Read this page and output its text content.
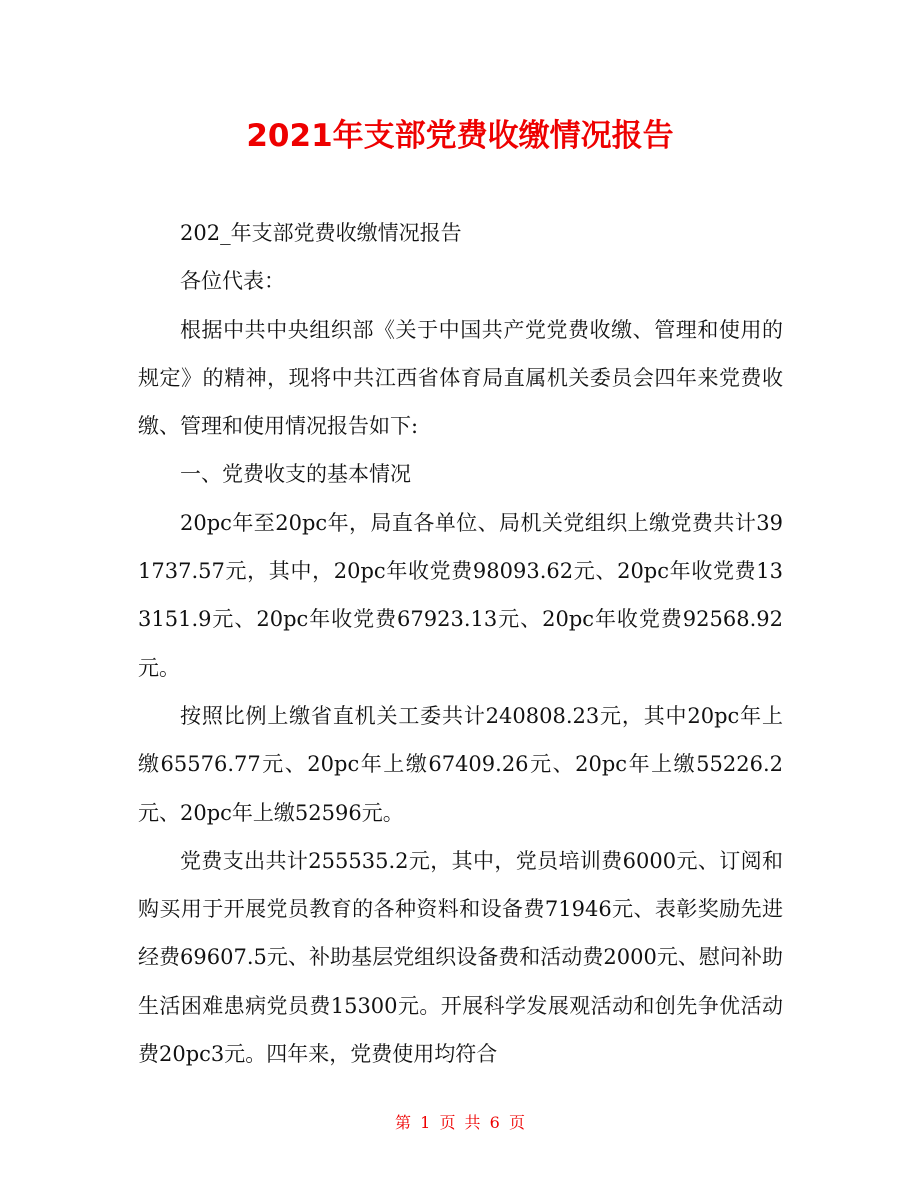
2021年支部党费收缴情况报告

202_年支部党费收缴情况报告

各位代表：

根据中共中央组织部《关于中国共产党党费收缴、管理和使用的规定》的精神，现将中共江西省体育局直属机关委员会四年来党费收缴、管理和使用情况报告如下:

一、党费收支的基本情况

20pc年至20pc年，局直各单位、局机关党组织上缴党费共计391737.57元，其中，20pc年收党费98093.62元、20pc年收党费133151.9元、20pc年收党费67923.13元、20pc年收党费92568.92元。

按照比例上缴省直机关工委共计240808.23元，其中20pc年上缴65576.77元、20pc年上缴67409.26元、20pc年上缴55226.2元、20pc年上缴52596元。

党费支出共计255535.2元，其中，党员培训费6000元、订阅和购买用于开展党员教育的各种资料和设备费71946元、表彰奖励先进经费69607.5元、补助基层党组织设备费和活动费2000元、慰问补助生活困难患病党员费15300元。开展科学发展观活动和创先争优活动费20pc3元。四年来，党费使用均符合

第 1 页 共 6 页
